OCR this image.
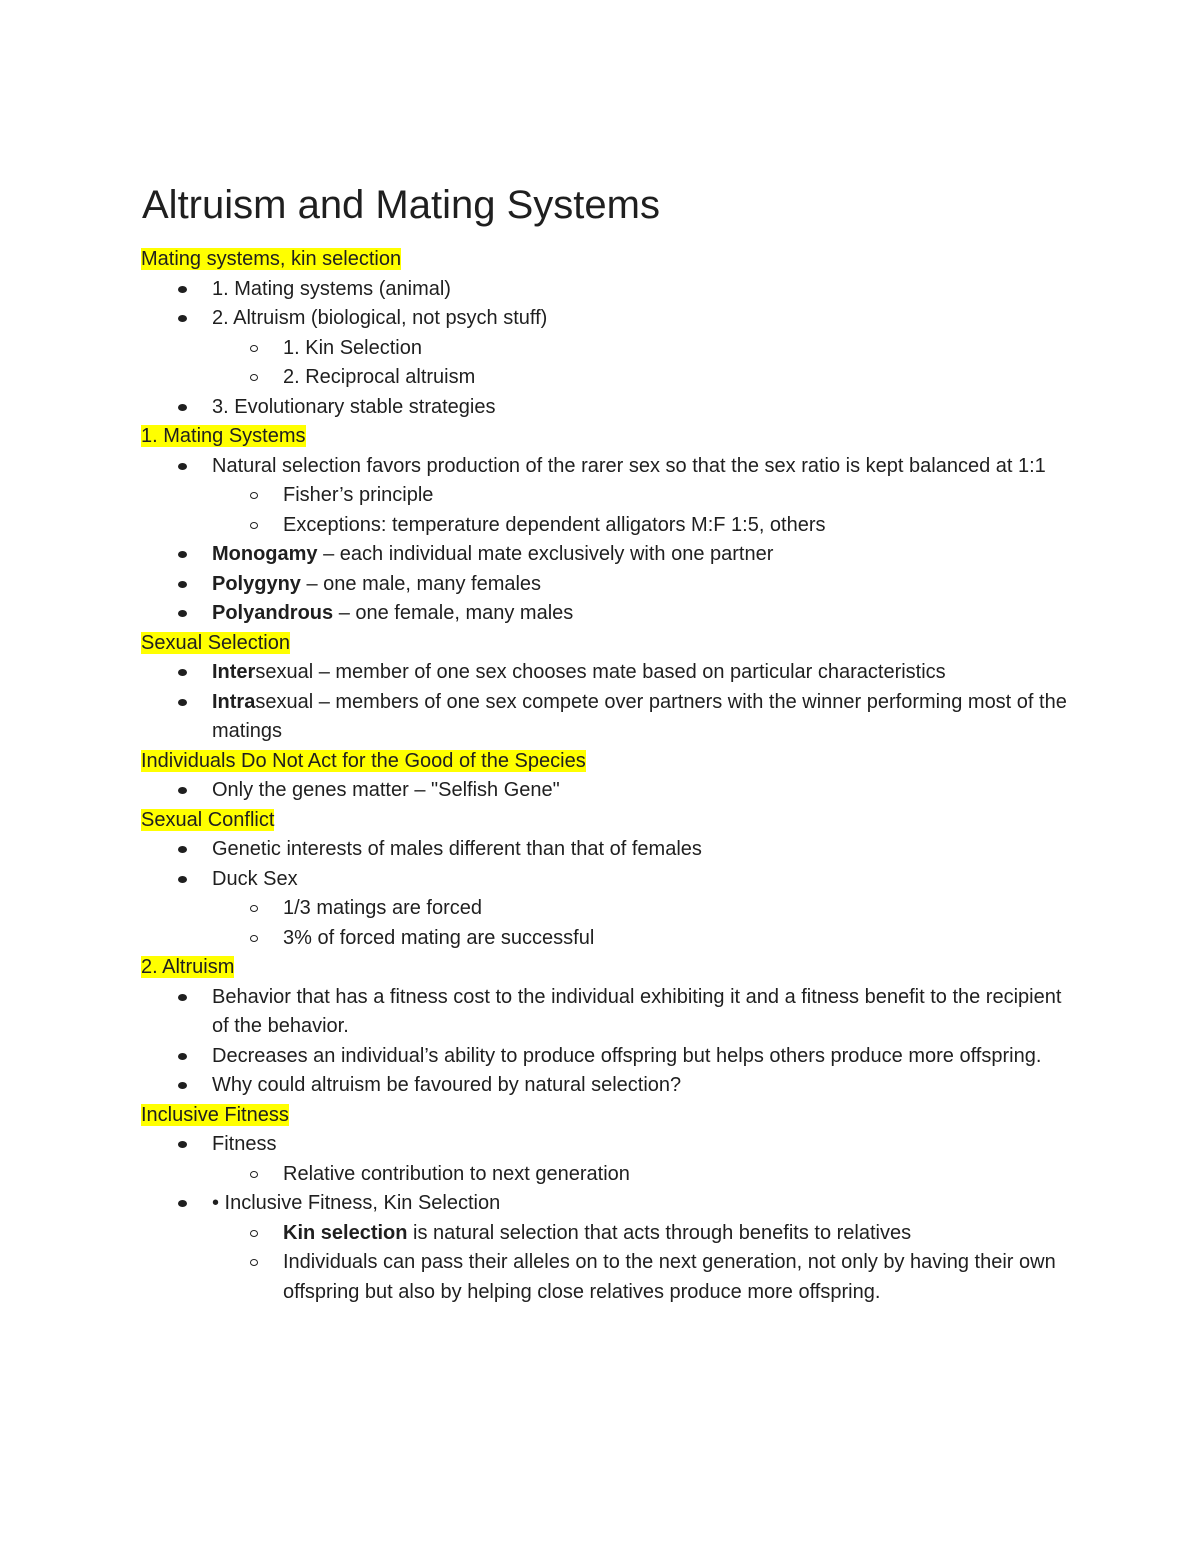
Altruism and Mating Systems
Mating systems, kin selection
1. Mating systems (animal)
2. Altruism (biological, not psych stuff)
1. Kin Selection
2. Reciprocal altruism
3. Evolutionary stable strategies
1. Mating Systems
Natural selection favors production of the rarer sex so that the sex ratio is kept balanced at 1:1
Fisher’s principle
Exceptions: temperature dependent alligators M:F 1:5, others
Monogamy – each individual mate exclusively with one partner
Polygyny – one male, many females
Polyandrous – one female, many males
Sexual Selection
Intersexual – member of one sex chooses mate based on particular characteristics
Intrasexual – members of one sex compete over partners with the winner performing most of the matings
Individuals Do Not Act for the Good of the Species
Only the genes matter – "Selfish Gene"
Sexual Conflict
Genetic interests of males different than that of females
Duck Sex
1/3 matings are forced
3% of forced mating are successful
2. Altruism
Behavior that has a fitness cost to the individual exhibiting it and a fitness benefit to the recipient of the behavior.
Decreases an individual’s ability to produce offspring but helps others produce more offspring.
Why could altruism be favoured by natural selection?
Inclusive Fitness
Fitness
Relative contribution to next generation
• Inclusive Fitness, Kin Selection
Kin selection is natural selection that acts through benefits to relatives
Individuals can pass their alleles on to the next generation, not only by having their own offspring but also by helping close relatives produce more offspring.
